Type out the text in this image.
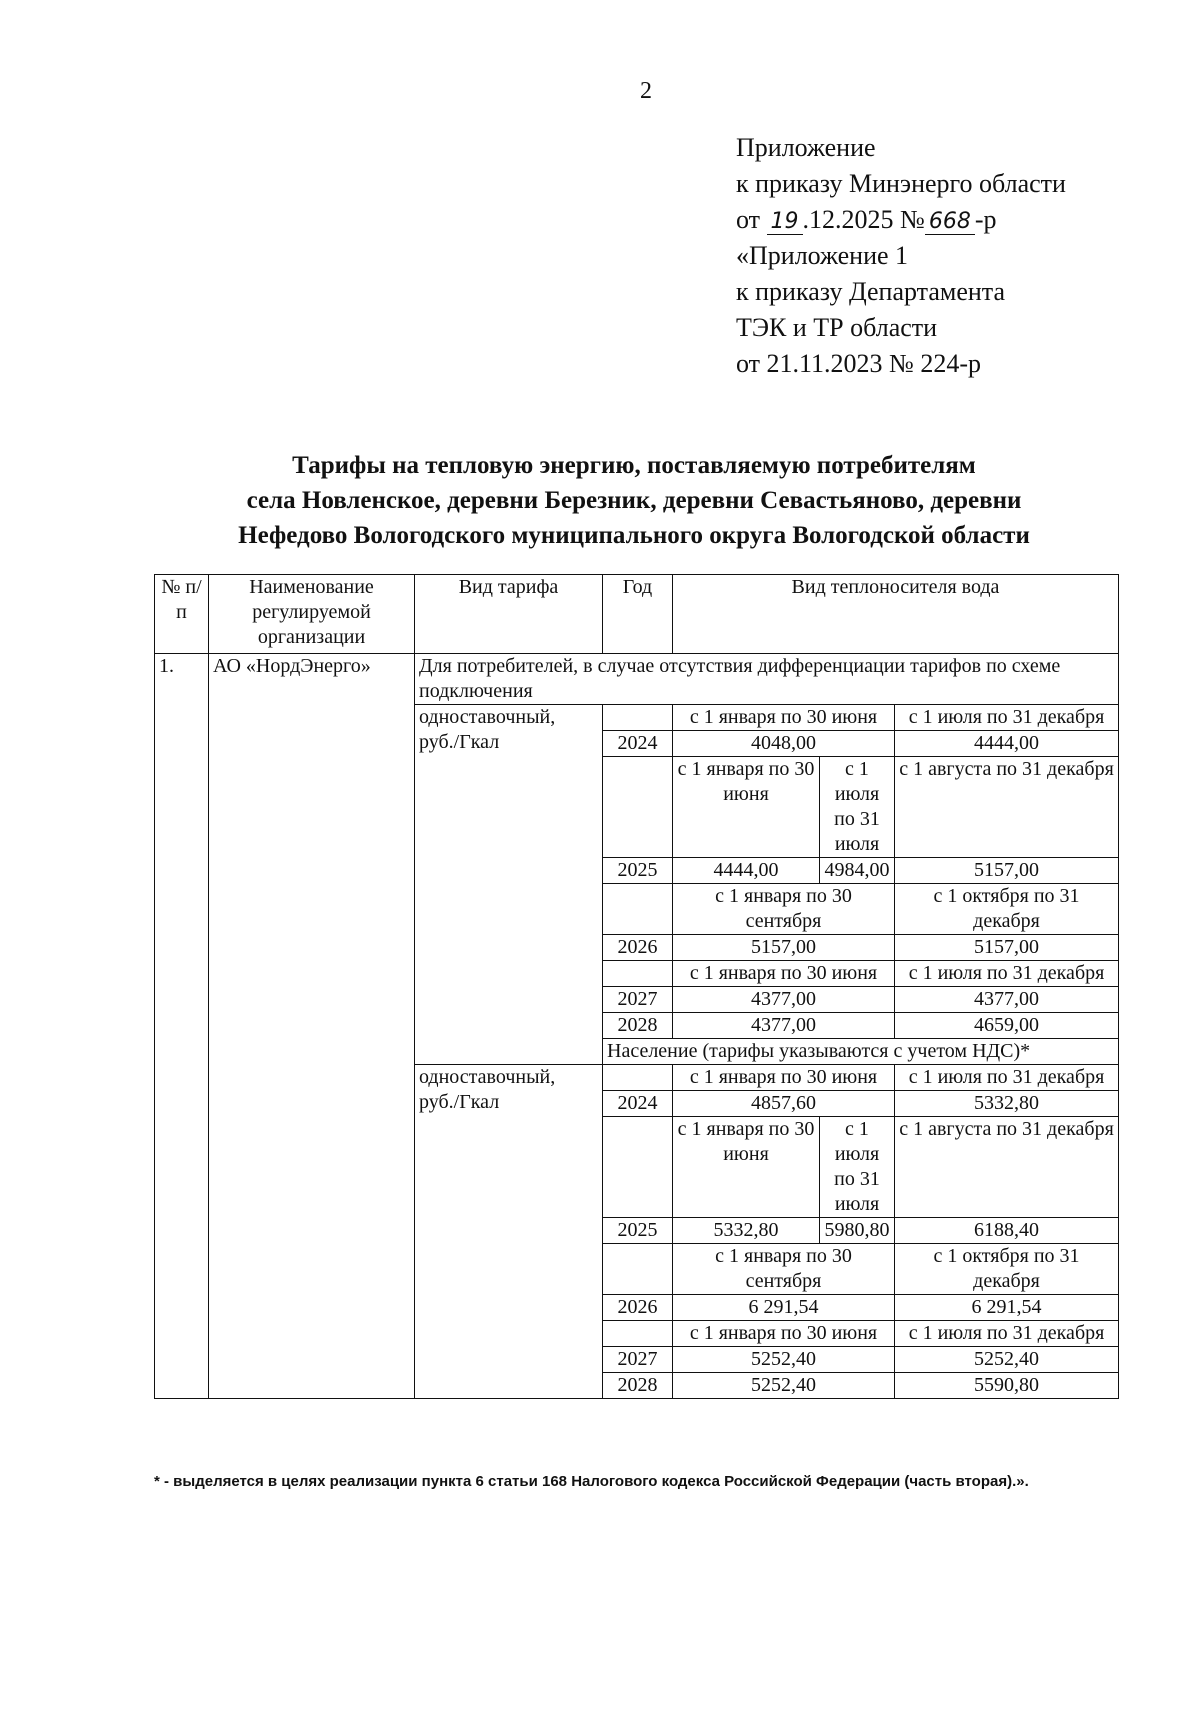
2
Приложение
к приказу Минэнерго области
от 19 .12.2025 № 668 -р
«Приложение 1
к приказу Департамента
ТЭК и ТР области
от 21.11.2023 № 224-р
Тарифы на тепловую энергию, поставляемую потребителям
села Новленское, деревни Березник, деревни Севастьяново, деревни
Нефедово Вологодского муниципального округа Вологодской области
№ п/п	Наименование регулируемой организации	Вид тарифа	Год	Вид теплоносителя вода		
1.	АО «НордЭнерго»	Для потребителей, в случае отсутствия дифференциации тарифов по схеме подключения				
		одноставочный, руб./Гкал		с 1 января по 30 июня		с 1 июля по 31 декабря
			2024	4048,00		4444,00
				с 1 января по 30 июня	с 1 июля по 31 июля	с 1 августа по 31 декабря
			2025	4444,00	4984,00	5157,00
				с 1 января по 30 сентября		с 1 октября по 31 декабря
			2026	5157,00		5157,00
				с 1 января по 30 июня		с 1 июля по 31 декабря
			2027	4377,00		4377,00
			2028	4377,00		4659,00
			Население (тарифы указываются с учетом НДС)*			
		одноставочный, руб./Гкал		с 1 января по 30 июня		с 1 июля по 31 декабря
			2024	4857,60		5332,80
				с 1 января по 30 июня	с 1 июля по 31 июля	с 1 августа по 31 декабря
			2025	5332,80	5980,80	6188,40
				с 1 января по 30 сентября		с 1 октября по 31 декабря
			2026	6 291,54		6 291,54
				с 1 января по 30 июня		с 1 июля по 31 декабря
			2027	5252,40		5252,40
			2028	5252,40		5590,80
* - выделяется в целях реализации пункта 6 статьи 168 Налогового кодекса Российской Федерации (часть вторая).».
